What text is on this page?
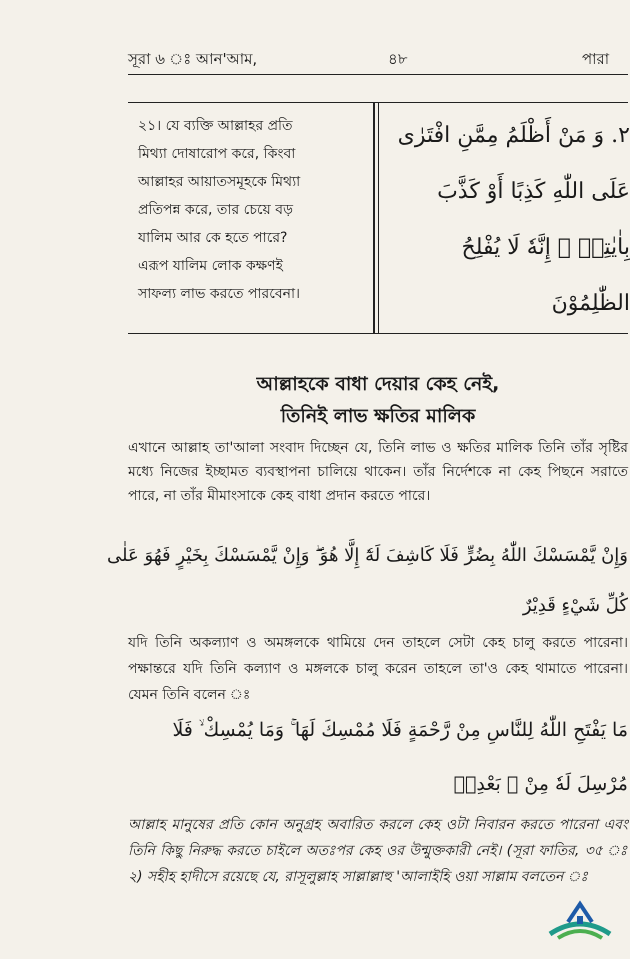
সূরা ৬ ঃ আন'আম,	৪৮	পারা
২১। যে ব্যক্তি আল্লাহর প্রতি
মিথ্যা দোষারোপ করে, কিংবা
আল্লাহর আয়াতসমূহকে মিথ্যা
প্রতিপন্ন করে, তার চেয়ে বড়
যালিম আর কে হতে পারে?
এরূপ যালিম লোক কক্ষণই
সাফল্য লাভ করতে পারবেনা।
٢. وَ مَنْ أَظْلَمُ مِمَّنِ افْتَرٰى
عَلَى اللّٰهِ كَذِبًا أَوْ كَذَّبَ
بِاٰيٰتِهٖ ۗ إِنَّهٗ لَا يُفْلِحُ
الظّٰلِمُوْنَ
আল্লাহকে বাধা দেয়ার কেহ নেই,
তিনিই লাভ ক্ষতির মালিক
এখানে আল্লাহ তা'আলা সংবাদ দিচ্ছেন যে, তিনি লাভ ও ক্ষতির মালিক তিনি তাঁর সৃষ্টির মধ্যে নিজের ইচ্ছামত ব্যবস্থাপনা চালিয়ে থাকেন। তাঁর নির্দেশকে না কেহ পিছনে সরাতে পারে, না তাঁর মীমাংসাকে কেহ বাধা প্রদান করতে পারে।
وَإِنْ يَّمْسَسْكَ اللّٰهُ بِضُرٍّ فَلَا كَاشِفَ لَهٗٓ إِلَّا هُوَ ۖ وَإِنْ يَّمْسَسْكَ بِخَيْرٍ فَهُوَ عَلٰى
كُلِّ شَيْءٍ قَدِيْرٌ
যদি তিনি অকল্যাণ ও অমঙ্গলকে থামিয়ে দেন তাহলে সেটা কেহ চালু করতে পারেনা। পক্ষান্তরে যদি তিনি কল্যাণ ও মঙ্গলকে চালু করেন তাহলে তা'ও কেহ থামাতে পারেনা। যেমন তিনি বলেন ঃ
مَا يَفْتَحِ اللّٰهُ لِلنَّاسِ مِنْ رَّحْمَةٍ فَلَا مُمْسِكَ لَهَا ۚ وَمَا يُمْسِكْ ۙ فَلَا
مُرْسِلَ لَهٗ مِنْ ۢ بَعْدِهٖ
আল্লাহ মানুষের প্রতি কোন অনুগ্রহ অবারিত করলে কেহ ওটা নিবারন করতে পারেনা এবং তিনি কিছু নিরুদ্ধ করতে চাইলে অতঃপর কেহ ওর উন্মুক্তকারী নেই। (সূরা ফাতির, ৩৫ ঃ ২) সহীহ হাদীসে রয়েছে যে, রাসূলুল্লাহ সাল্লাল্লাহু 'আলাইহি ওয়া সাল্লাম বলতেন ঃ
